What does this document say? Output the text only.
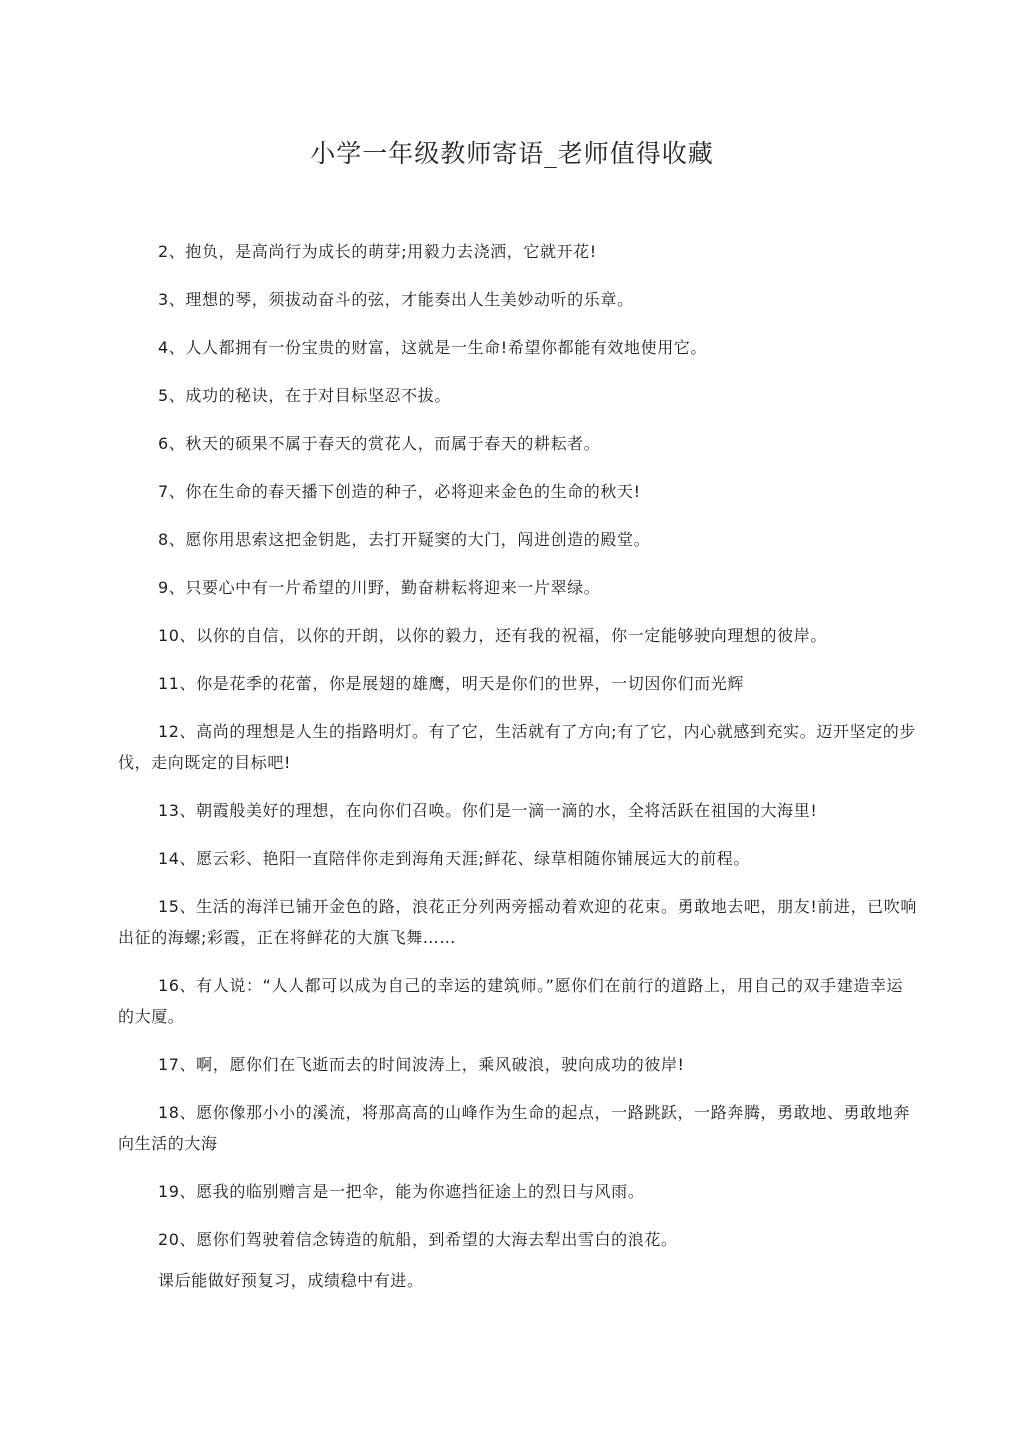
小学一年级教师寄语_老师值得收藏

2、抱负，是高尚行为成长的萌芽;用毅力去浇洒，它就开花!

3、理想的琴，须拔动奋斗的弦，才能奏出人生美妙动听的乐章。

4、人人都拥有一份宝贵的财富，这就是一生命!希望你都能有效地使用它。

5、成功的秘诀，在于对目标坚忍不拔。

6、秋天的硕果不属于春天的赏花人，而属于春天的耕耘者。

7、你在生命的春天播下创造的种子，必将迎来金色的生命的秋天!

8、愿你用思索这把金钥匙，去打开疑窦的大门，闯进创造的殿堂。

9、只要心中有一片希望的川野，勤奋耕耘将迎来一片翠绿。

10、以你的自信，以你的开朗，以你的毅力，还有我的祝福，你一定能够驶向理想的彼岸。

11、你是花季的花蕾，你是展翅的雄鹰，明天是你们的世界，一切因你们而光辉

12、高尚的理想是人生的指路明灯。有了它，生活就有了方向;有了它，内心就感到充实。迈开坚定的步伐，走向既定的目标吧!

13、朝霞般美好的理想，在向你们召唤。你们是一滴一滴的水，全将活跃在祖国的大海里!

14、愿云彩、艳阳一直陪伴你走到海角天涯;鲜花、绿草相随你铺展远大的前程。

15、生活的海洋已铺开金色的路，浪花正分列两旁摇动着欢迎的花束。勇敢地去吧，朋友!前进，已吹响出征的海螺;彩霞，正在将鲜花的大旗飞舞……

16、有人说：“人人都可以成为自己的幸运的建筑师。”愿你们在前行的道路上，用自己的双手建造幸运的大厦。

17、啊，愿你们在飞逝而去的时间波涛上，乘风破浪，驶向成功的彼岸!

18、愿你像那小小的溪流，将那高高的山峰作为生命的起点，一路跳跃，一路奔腾，勇敢地、勇敢地奔向生活的大海

19、愿我的临别赠言是一把伞，能为你遮挡征途上的烈日与风雨。

20、愿你们驾驶着信念铸造的航船，到希望的大海去犁出雪白的浪花。

课后能做好预复习，成绩稳中有进。
